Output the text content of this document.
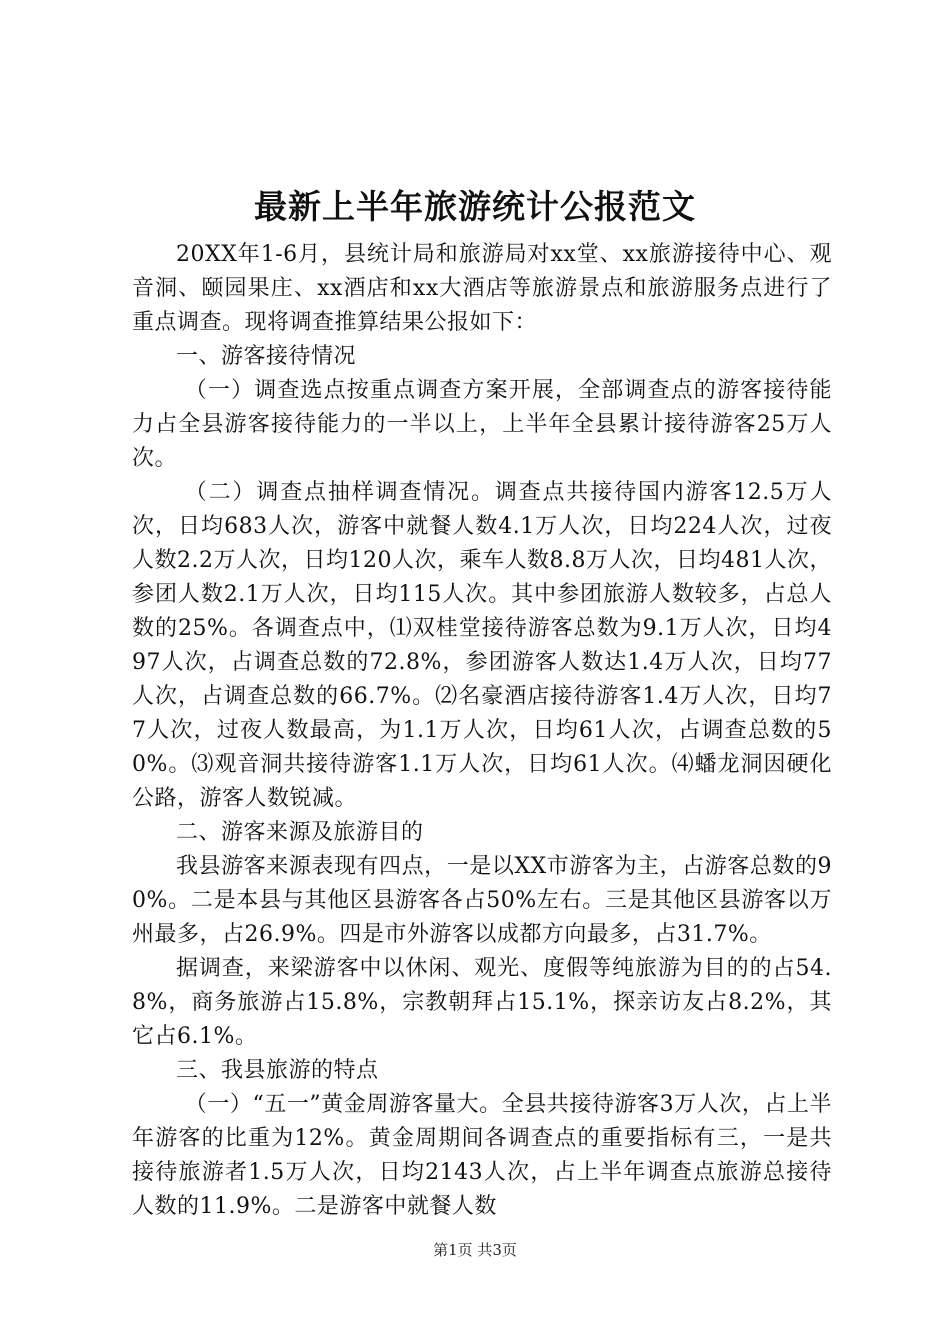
最新上半年旅游统计公报范文

20XX年1-6月，县统计局和旅游局对xx堂、xx旅游接待中心、观音洞、颐园果庄、xx酒店和xx大酒店等旅游景点和旅游服务点进行了重点调查。现将调查推算结果公报如下：

一、游客接待情况

（一）调查选点按重点调查方案开展，全部调查点的游客接待能力占全县游客接待能力的一半以上，上半年全县累计接待游客25万人次。

（二）调查点抽样调查情况。调查点共接待国内游客12.5万人次，日均683人次，游客中就餐人数4.1万人次，日均224人次，过夜人数2.2万人次，日均120人次，乘车人数8.8万人次，日均481人次，参团人数2.1万人次，日均115人次。其中参团旅游人数较多，占总人数的25%。各调查点中，⑴双桂堂接待游客总数为9.1万人次，日均497人次，占调查总数的72.8%，参团游客人数达1.4万人次，日均77人次，占调查总数的66.7%。⑵名豪酒店接待游客1.4万人次，日均77人次，过夜人数最高，为1.1万人次，日均61人次，占调查总数的50%。⑶观音洞共接待游客1.1万人次，日均61人次。⑷蟠龙洞因硬化公路，游客人数锐减。

二、游客来源及旅游目的

我县游客来源表现有四点，一是以XX市游客为主，占游客总数的90%。二是本县与其他区县游客各占50%左右。三是其他区县游客以万州最多，占26.9%。四是市外游客以成都方向最多，占31.7%。

据调查，来梁游客中以休闲、观光、度假等纯旅游为目的的占54.8%，商务旅游占15.8%，宗教朝拜占15.1%，探亲访友占8.2%，其它占6.1%。

三、我县旅游的特点

（一）“五一”黄金周游客量大。全县共接待游客3万人次，占上半年游客的比重为12%。黄金周期间各调查点的重要指标有三，一是共接待旅游者1.5万人次，日均2143人次，占上半年调查点旅游总接待人数的11.9%。二是游客中就餐人数

第1页 共3页
